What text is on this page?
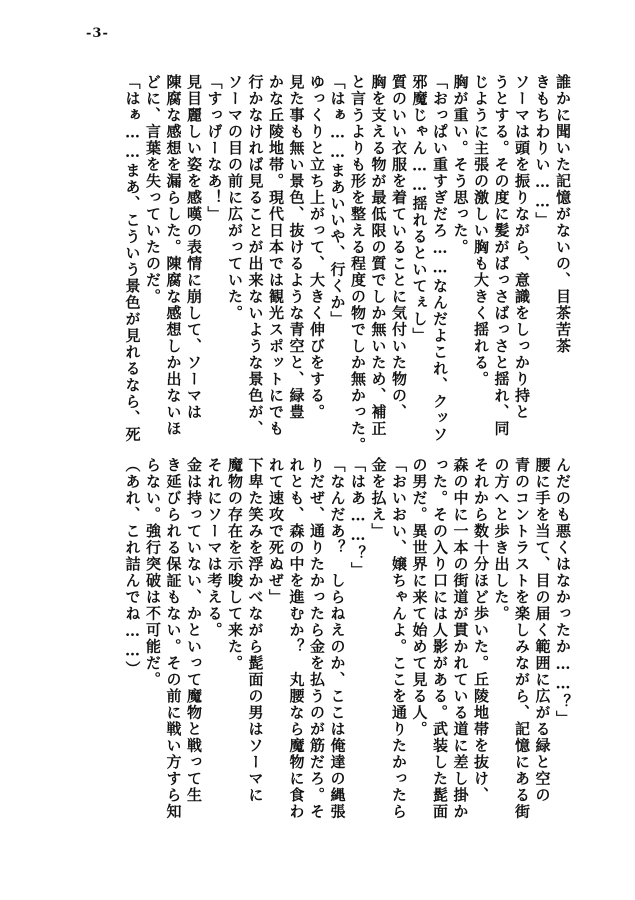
-3-

誰かに聞いた記憶がないの、目茶苦茶

きもちわりい……」

ソーマは頭を振りながら、意識をしっかり持と

うとする。その度に髪がばっさばっさと揺れ、同

じように主張の激しい胸も大きく揺れる。

胸が重い。そう思った。

「おっぱい重すぎだろ……なんだよこれ、クッソ

邪魔じゃん……揺れるといてぇし」

質のいい衣服を着ていることに気付いた物の、

胸を支える物が最低限の質でしか無いため、補正

と言うよりも形を整える程度の物でしか無かった。

「はぁ……まあいいや、行くか」

ゆっくりと立ち上がって、大きく伸びをする。

見た事も無い景色、抜けるような青空と、緑豊

かな丘陵地帯。現代日本では観光スポットにでも

行かなければ見ることが出来ないような景色が、

ソーマの目の前に広がっていた。

「すっげーなあ！」

見目麗しい姿を感嘆の表情に崩して、ソーマは

陳腐な感想を漏らした。陳腐な感想しか出ないほ

どに、言葉を失っていたのだ。

「はぁ……まあ、こういう景色が見れるなら、死

んだのも悪くはなかったか……？」

腰に手を当て、目の届く範囲に広がる緑と空の

青のコントラストを楽しみながら、記憶にある街

の方へと歩き出した。

それから数十分ほど歩いた。丘陵地帯を抜け、

森の中に一本の街道が貫かれている道に差し掛か

った。その入り口には人影がある。武装した髭面

の男だ。異世界に来て始めて見る人。

「おいおい、嬢ちゃんよ。ここを通りたかったら

金を払え」

「はあ……？」

「なんだあ？　しらねえのか、ここは俺達の縄張

りだぜ、通りたかったら金を払うのが筋だろ。そ

れとも、森の中を進むか？　丸腰なら魔物に食わ

れて速攻で死ぬぜ」

下卑た笑みを浮かべながら髭面の男はソーマに

魔物の存在を示唆して来た。

それにソーマは考える。

金は持っていない、かといって魔物と戦って生

き延びられる保証もない。その前に戦い方すら知

らない。強行突破は不可能だ。

（あれ、これ詰んでね……）
